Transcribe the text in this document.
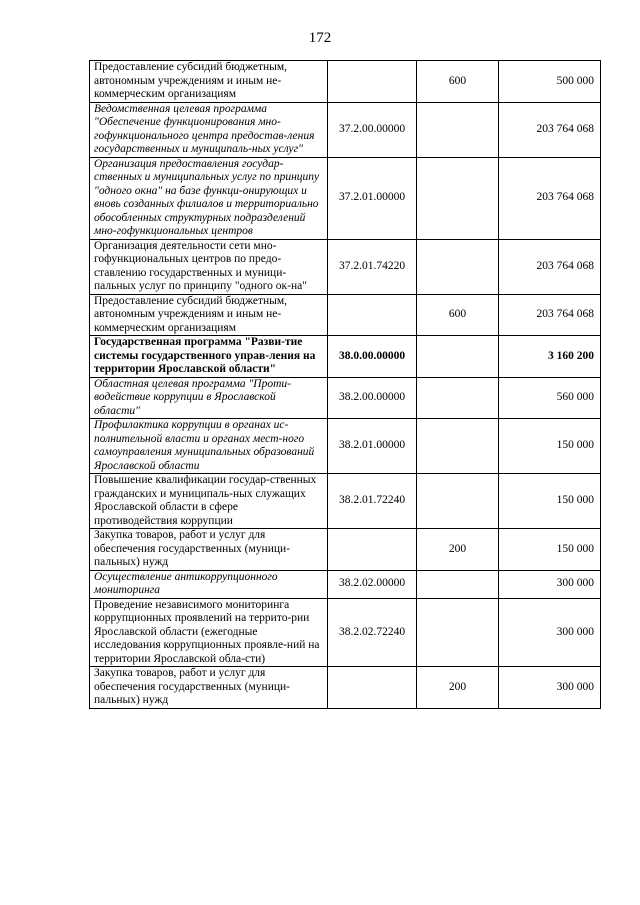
172
Предоставление субсидий бюджетным, автономным учреждениям и иным не-коммерческим организациям		600	500 000
Ведомственная целевая программа "Обеспечение функционирования мно-гофункционального центра предостав-ления государственных и муниципаль-ных услуг"	37.2.00.00000		203 764 068
Организация предоставления государ-ственных и муниципальных услуг по принципу "одного окна" на базе функци-онирующих и вновь созданных филиалов и территориально обособленных структурных подразделений мно-гофункциональных центров	37.2.01.00000		203 764 068
Организация деятельности сети мно-гофункциональных центров по предо-ставлению государственных и муници-пальных услуг по принципу "одного ок-на"	37.2.01.74220		203 764 068
Предоставление субсидий бюджетным, автономным учреждениям и иным не-коммерческим организациям		600	203 764 068
Государственная программа "Разви-тие системы государственного управ-ления на территории Ярославской области"	38.0.00.00000		3 160 200
Областная целевая программа "Проти-водействие коррупции в Ярославской области"	38.2.00.00000		560 000
Профилактика коррупции в органах ис-полнительной власти и органах мест-ного самоуправления муниципальных образований Ярославской области	38.2.01.00000		150 000
Повышение квалификации государ-ственных гражданских и муниципаль-ных служащих Ярославской области в сфере противодействия коррупции	38.2.01.72240		150 000
Закупка товаров, работ и услуг для обеспечения государственных (муници-пальных) нужд		200	150 000
Осуществление антикоррупционного мониторинга	38.2.02.00000		300 000
Проведение независимого мониторинга коррупционных проявлений на террито-рии Ярославской области (ежегодные исследования коррупционных проявле-ний на территории Ярославской обла-сти)	38.2.02.72240		300 000
Закупка товаров, работ и услуг для обеспечения государственных (муници-пальных) нужд		200	300 000
